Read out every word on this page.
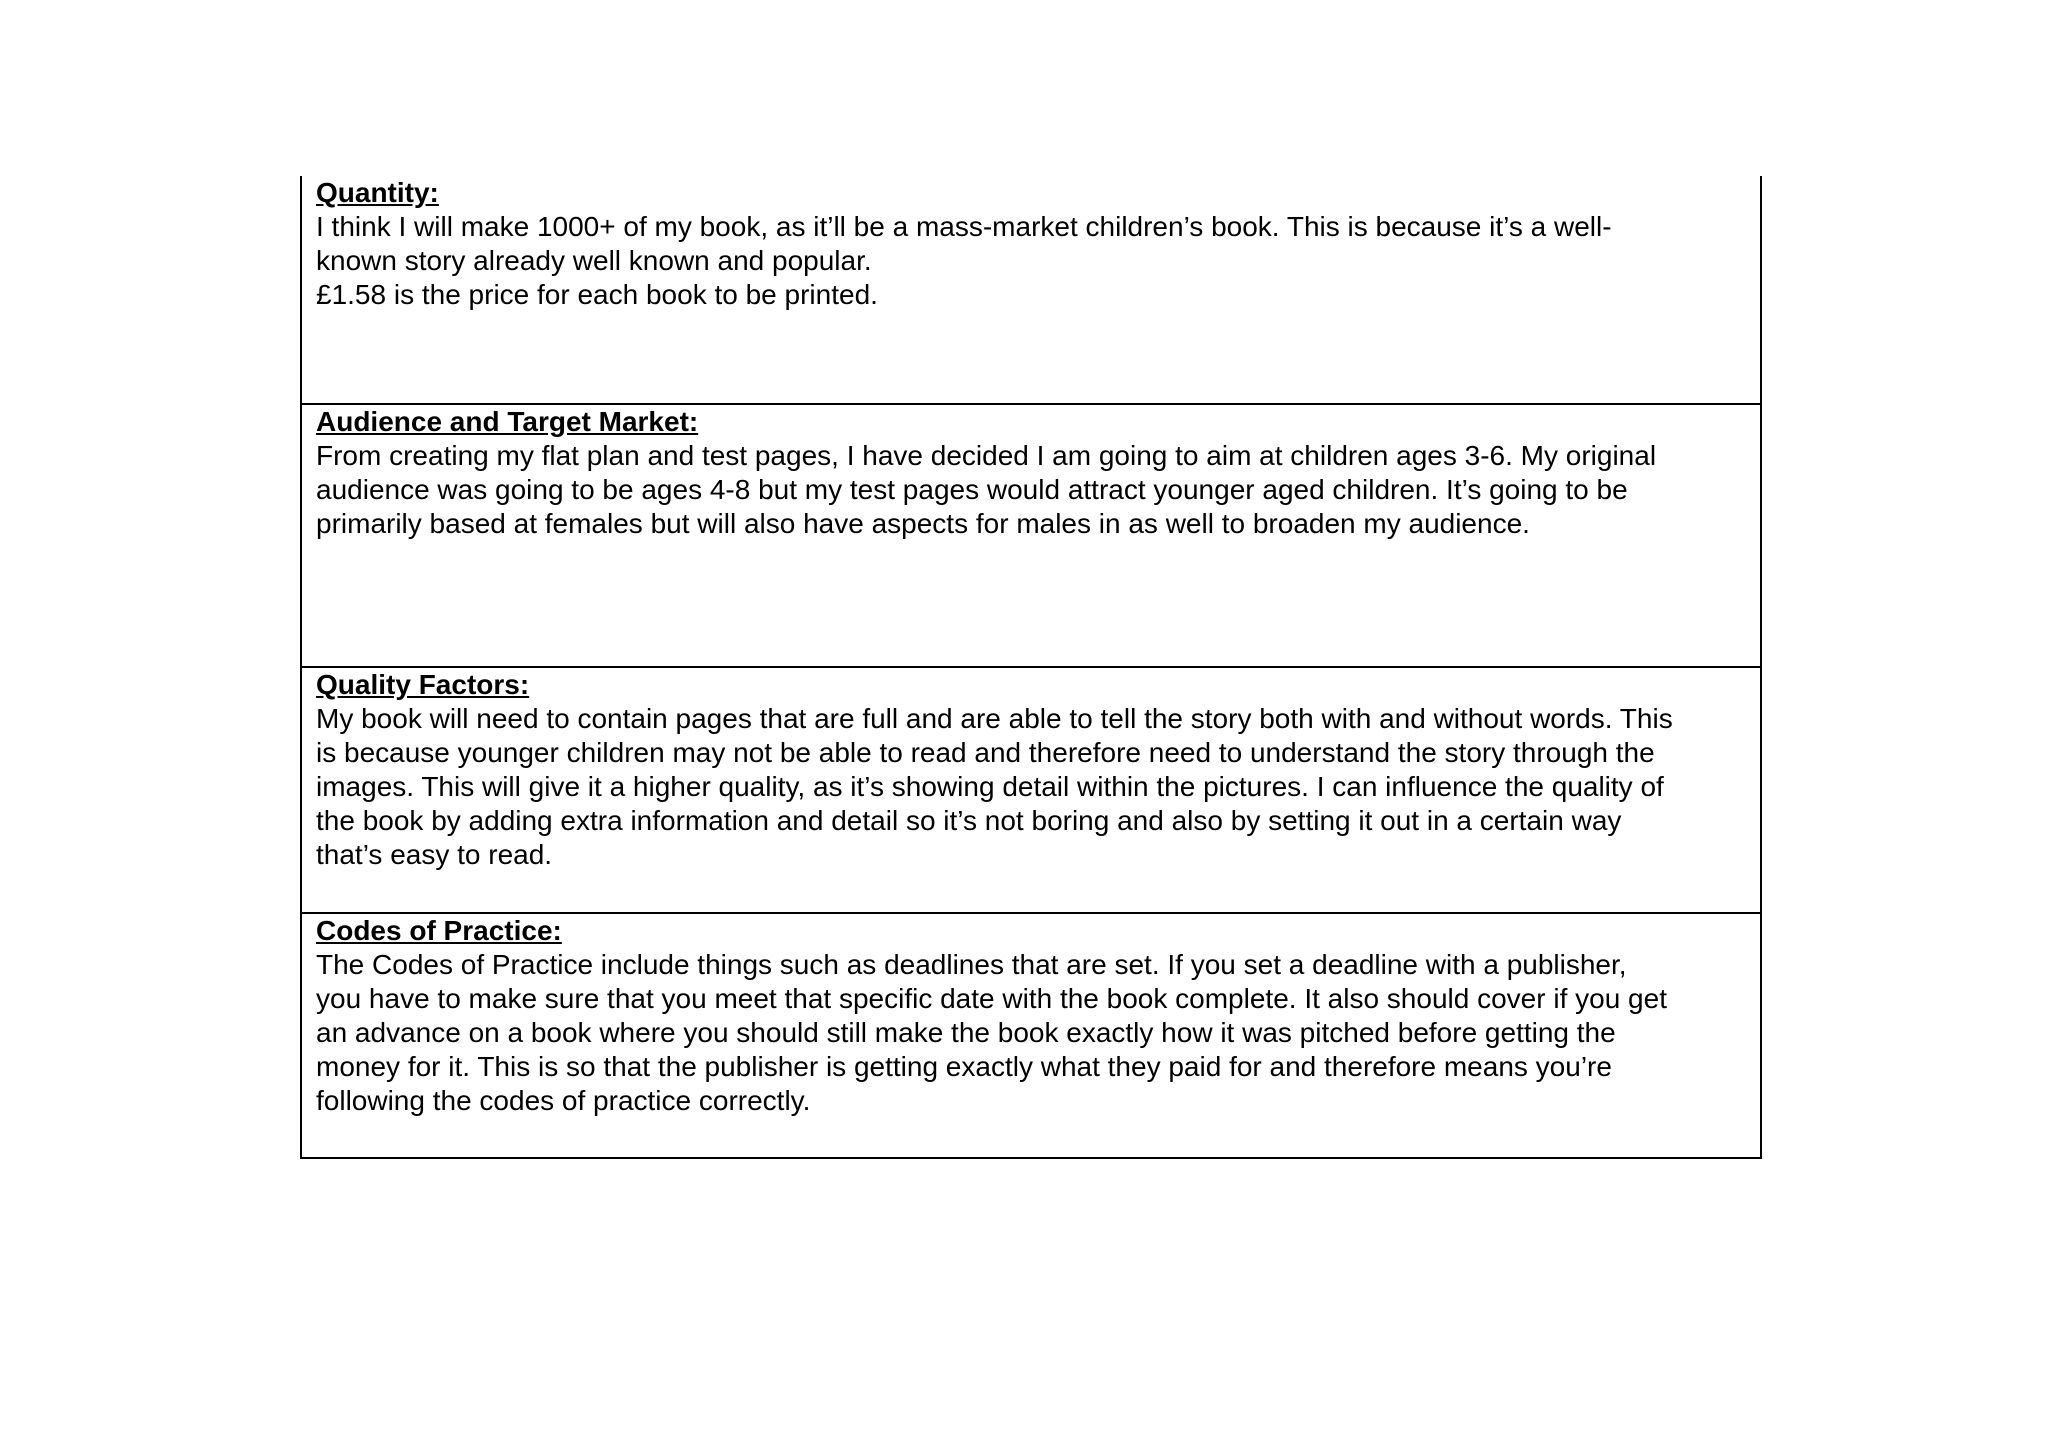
Quantity:

I think I will make 1000+ of my book, as it’ll be a mass-market children’s book. This is because it’s a well-
known story already well known and popular.
£1.58 is the price for each book to be printed.

Audience and Target Market:

From creating my flat plan and test pages, I have decided I am going to aim at children ages 3-6. My original
audience was going to be ages 4-8 but my test pages would attract younger aged children. It’s going to be
primarily based at females but will also have aspects for males in as well to broaden my audience.

Quality Factors:

My book will need to contain pages that are full and are able to tell the story both with and without words. This
is because younger children may not be able to read and therefore need to understand the story through the
images. This will give it a higher quality, as it’s showing detail within the pictures. I can influence the quality of
the book by adding extra information and detail so it’s not boring and also by setting it out in a certain way
that’s easy to read.

Codes of Practice:

The Codes of Practice include things such as deadlines that are set. If you set a deadline with a publisher,
you have to make sure that you meet that specific date with the book complete. It also should cover if you get
an advance on a book where you should still make the book exactly how it was pitched before getting the
money for it. This is so that the publisher is getting exactly what they paid for and therefore means you’re
following the codes of practice correctly.
